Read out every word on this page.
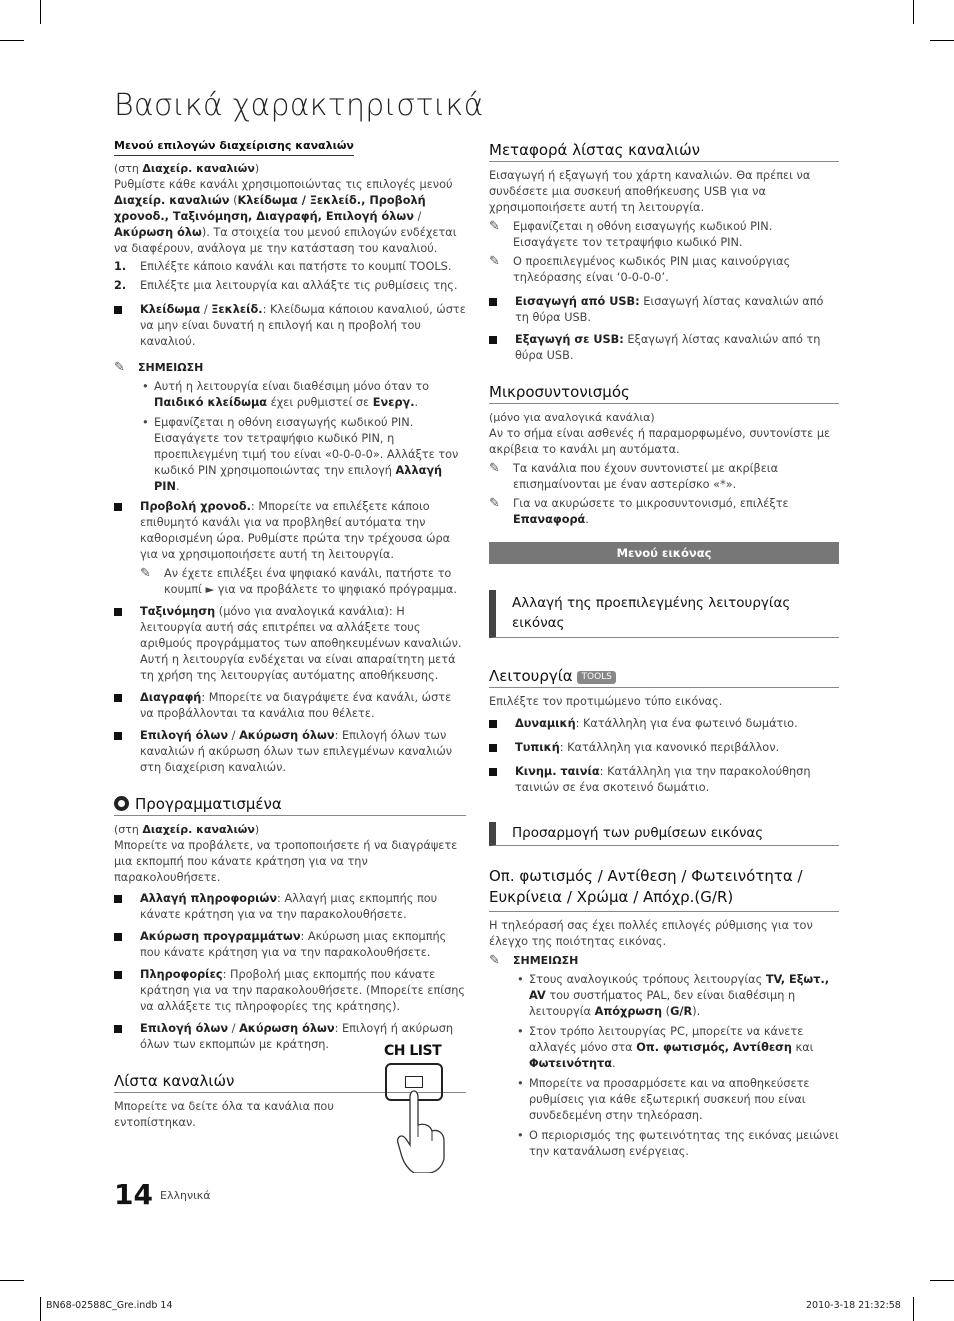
Βασικά χαρακτηριστικά
Μενού επιλογών διαχείρισης καναλιών

(στη Διαχείρ. καναλιών)

Ρυθμίστε κάθε κανάλι χρησιμοποιώντας τις επιλογές μενού Διαχείρ. καναλιών (Κλείδωμα / Ξεκλείδ., Προβολή χρονοδ., Ταξινόμηση, Διαγραφή, Επιλογή όλων / Ακύρωση όλω). Τα στοιχεία του μενού επιλογών ενδέχεται να διαφέρουν, ανάλογα με την κατάσταση του καναλιού.

1. Επιλέξτε κάποιο κανάλι και πατήστε το κουμπί TOOLS.
2. Επιλέξτε μια λειτουργία και αλλάξτε τις ρυθμίσεις της.
Κλείδωμα / Ξεκλείδ.: Κλείδωμα κάποιου καναλιού, ώστε να μην είναι δυνατή η επιλογή και η προβολή του καναλιού.
✎ ΣΗΜΕΙΩΣΗ
• Αυτή η λειτουργία είναι διαθέσιμη μόνο όταν το Παιδικό κλείδωμα έχει ρυθμιστεί σε Ενεργ..
• Εμφανίζεται η οθόνη εισαγωγής κωδικού PIN. Εισαγάγετε τον τετραψήφιο κωδικό PIN, η προεπιλεγμένη τιμή του είναι «0-0-0-0». Αλλάξτε τον κωδικό PIN χρησιμοποιώντας την επιλογή Αλλαγή PIN.
Προβολή χρονοδ.: Μπορείτε να επιλέξετε κάποιο επιθυμητό κανάλι για να προβληθεί αυτόματα την καθορισμένη ώρα. Ρυθμίστε πρώτα την τρέχουσα ώρα για να χρησιμοποιήσετε αυτή τη λειτουργία.
✎ Αν έχετε επιλέξει ένα ψηφιακό κανάλι, πατήστε το κουμπί ► για να προβάλετε το ψηφιακό πρόγραμμα.
Ταξινόμηση (μόνο για αναλογικά κανάλια): Η λειτουργία αυτή σάς επιτρέπει να αλλάξετε τους αριθμούς προγράμματος των αποθηκευμένων καναλιών. Αυτή η λειτουργία ενδέχεται να είναι απαραίτητη μετά τη χρήση της λειτουργίας αυτόματης αποθήκευσης.
Διαγραφή: Μπορείτε να διαγράψετε ένα κανάλι, ώστε να προβάλλονται τα κανάλια που θέλετε.
Επιλογή όλων / Ακύρωση όλων: Επιλογή όλων των καναλιών ή ακύρωση όλων των επιλεγμένων καναλιών στη διαχείριση καναλιών.
Προγραμματισμένα

(στη Διαχείρ. καναλιών)

Μπορείτε να προβάλετε, να τροποποιήσετε ή να διαγράψετε μια εκπομπή που κάνατε κράτηση για να την παρακολουθήσετε.

Αλλαγή πληροφοριών: Αλλαγή μιας εκπομπής που κάνατε κράτηση για να την παρακολουθήσετε.
Ακύρωση προγραμμάτων: Ακύρωση μιας εκπομπής που κάνατε κράτηση για να την παρακολουθήσετε.
Πληροφορίες: Προβολή μιας εκπομπής που κάνατε κράτηση για να την παρακολουθήσετε. (Μπορείτε επίσης να αλλάξετε τις πληροφορίες της κράτησης).
Επιλογή όλων / Ακύρωση όλων: Επιλογή ή ακύρωση όλων των εκπομπών με κράτηση.
Λίστα καναλιών

Μπορείτε να δείτε όλα τα κανάλια που εντοπίστηκαν.

CH LIST
Μεταφορά λίστας καναλιών

Εισαγωγή ή εξαγωγή του χάρτη καναλιών. Θα πρέπει να συνδέσετε μια συσκευή αποθήκευσης USB για να χρησιμοποιήσετε αυτή τη λειτουργία.

✎ Εμφανίζεται η οθόνη εισαγωγής κωδικού PIN. Εισαγάγετε τον τετραψήφιο κωδικό PIN.
✎ Ο προεπιλεγμένος κωδικός PIN μιας καινούργιας τηλεόρασης είναι ‘0-0-0-0’.
Εισαγωγή από USB: Εισαγωγή λίστας καναλιών από τη θύρα USB.
Εξαγωγή σε USB: Εξαγωγή λίστας καναλιών από τη θύρα USB.
Μικροσυντονισμός

(μόνο για αναλογικά κανάλια)

Αν το σήμα είναι ασθενές ή παραμορφωμένο, συντονίστε με ακρίβεια το κανάλι μη αυτόματα.

✎ Τα κανάλια που έχουν συντονιστεί με ακρίβεια επισημαίνονται με έναν αστερίσκο «*».
✎ Για να ακυρώσετε το μικροσυντονισμό, επιλέξτε Επαναφορά.
Μενού εικόνας
Αλλαγή της προεπιλεγμένης λειτουργίας εικόνας
Λειτουργία TOOLS

Επιλέξτε τον προτιμώμενο τύπο εικόνας.

Δυναμική: Κατάλληλη για ένα φωτεινό δωμάτιο.
Τυπική: Κατάλληλη για κανονικό περιβάλλον.
Κινημ. ταινία: Κατάλληλη για την παρακολούθηση ταινιών σε ένα σκοτεινό δωμάτιο.
Προσαρμογή των ρυθμίσεων εικόνας
Οπ. φωτισμός / Αντίθεση / Φωτεινότητα / Ευκρίνεια / Χρώμα / Απόχρ.(G/R)

Η τηλεόρασή σας έχει πολλές επιλογές ρύθμισης για τον έλεγχο της ποιότητας εικόνας.

✎ ΣΗΜΕΙΩΣΗ
• Στους αναλογικούς τρόπους λειτουργίας TV, Εξωτ., AV του συστήματος PAL, δεν είναι διαθέσιμη η λειτουργία Απόχρωση (G/R).
• Στον τρόπο λειτουργίας PC, μπορείτε να κάνετε αλλαγές μόνο στα Οπ. φωτισμός, Αντίθεση και Φωτεινότητα.
• Μπορείτε να προσαρμόσετε και να αποθηκεύσετε ρυθμίσεις για κάθε εξωτερική συσκευή που είναι συνδεδεμένη στην τηλεόραση.
• Ο περιορισμός της φωτεινότητας της εικόνας μειώνει την κατανάλωση ενέργειας.
14 Ελληνικά
BN68-02588C_Gre.indb 14	2010-3-18 21:32:58
